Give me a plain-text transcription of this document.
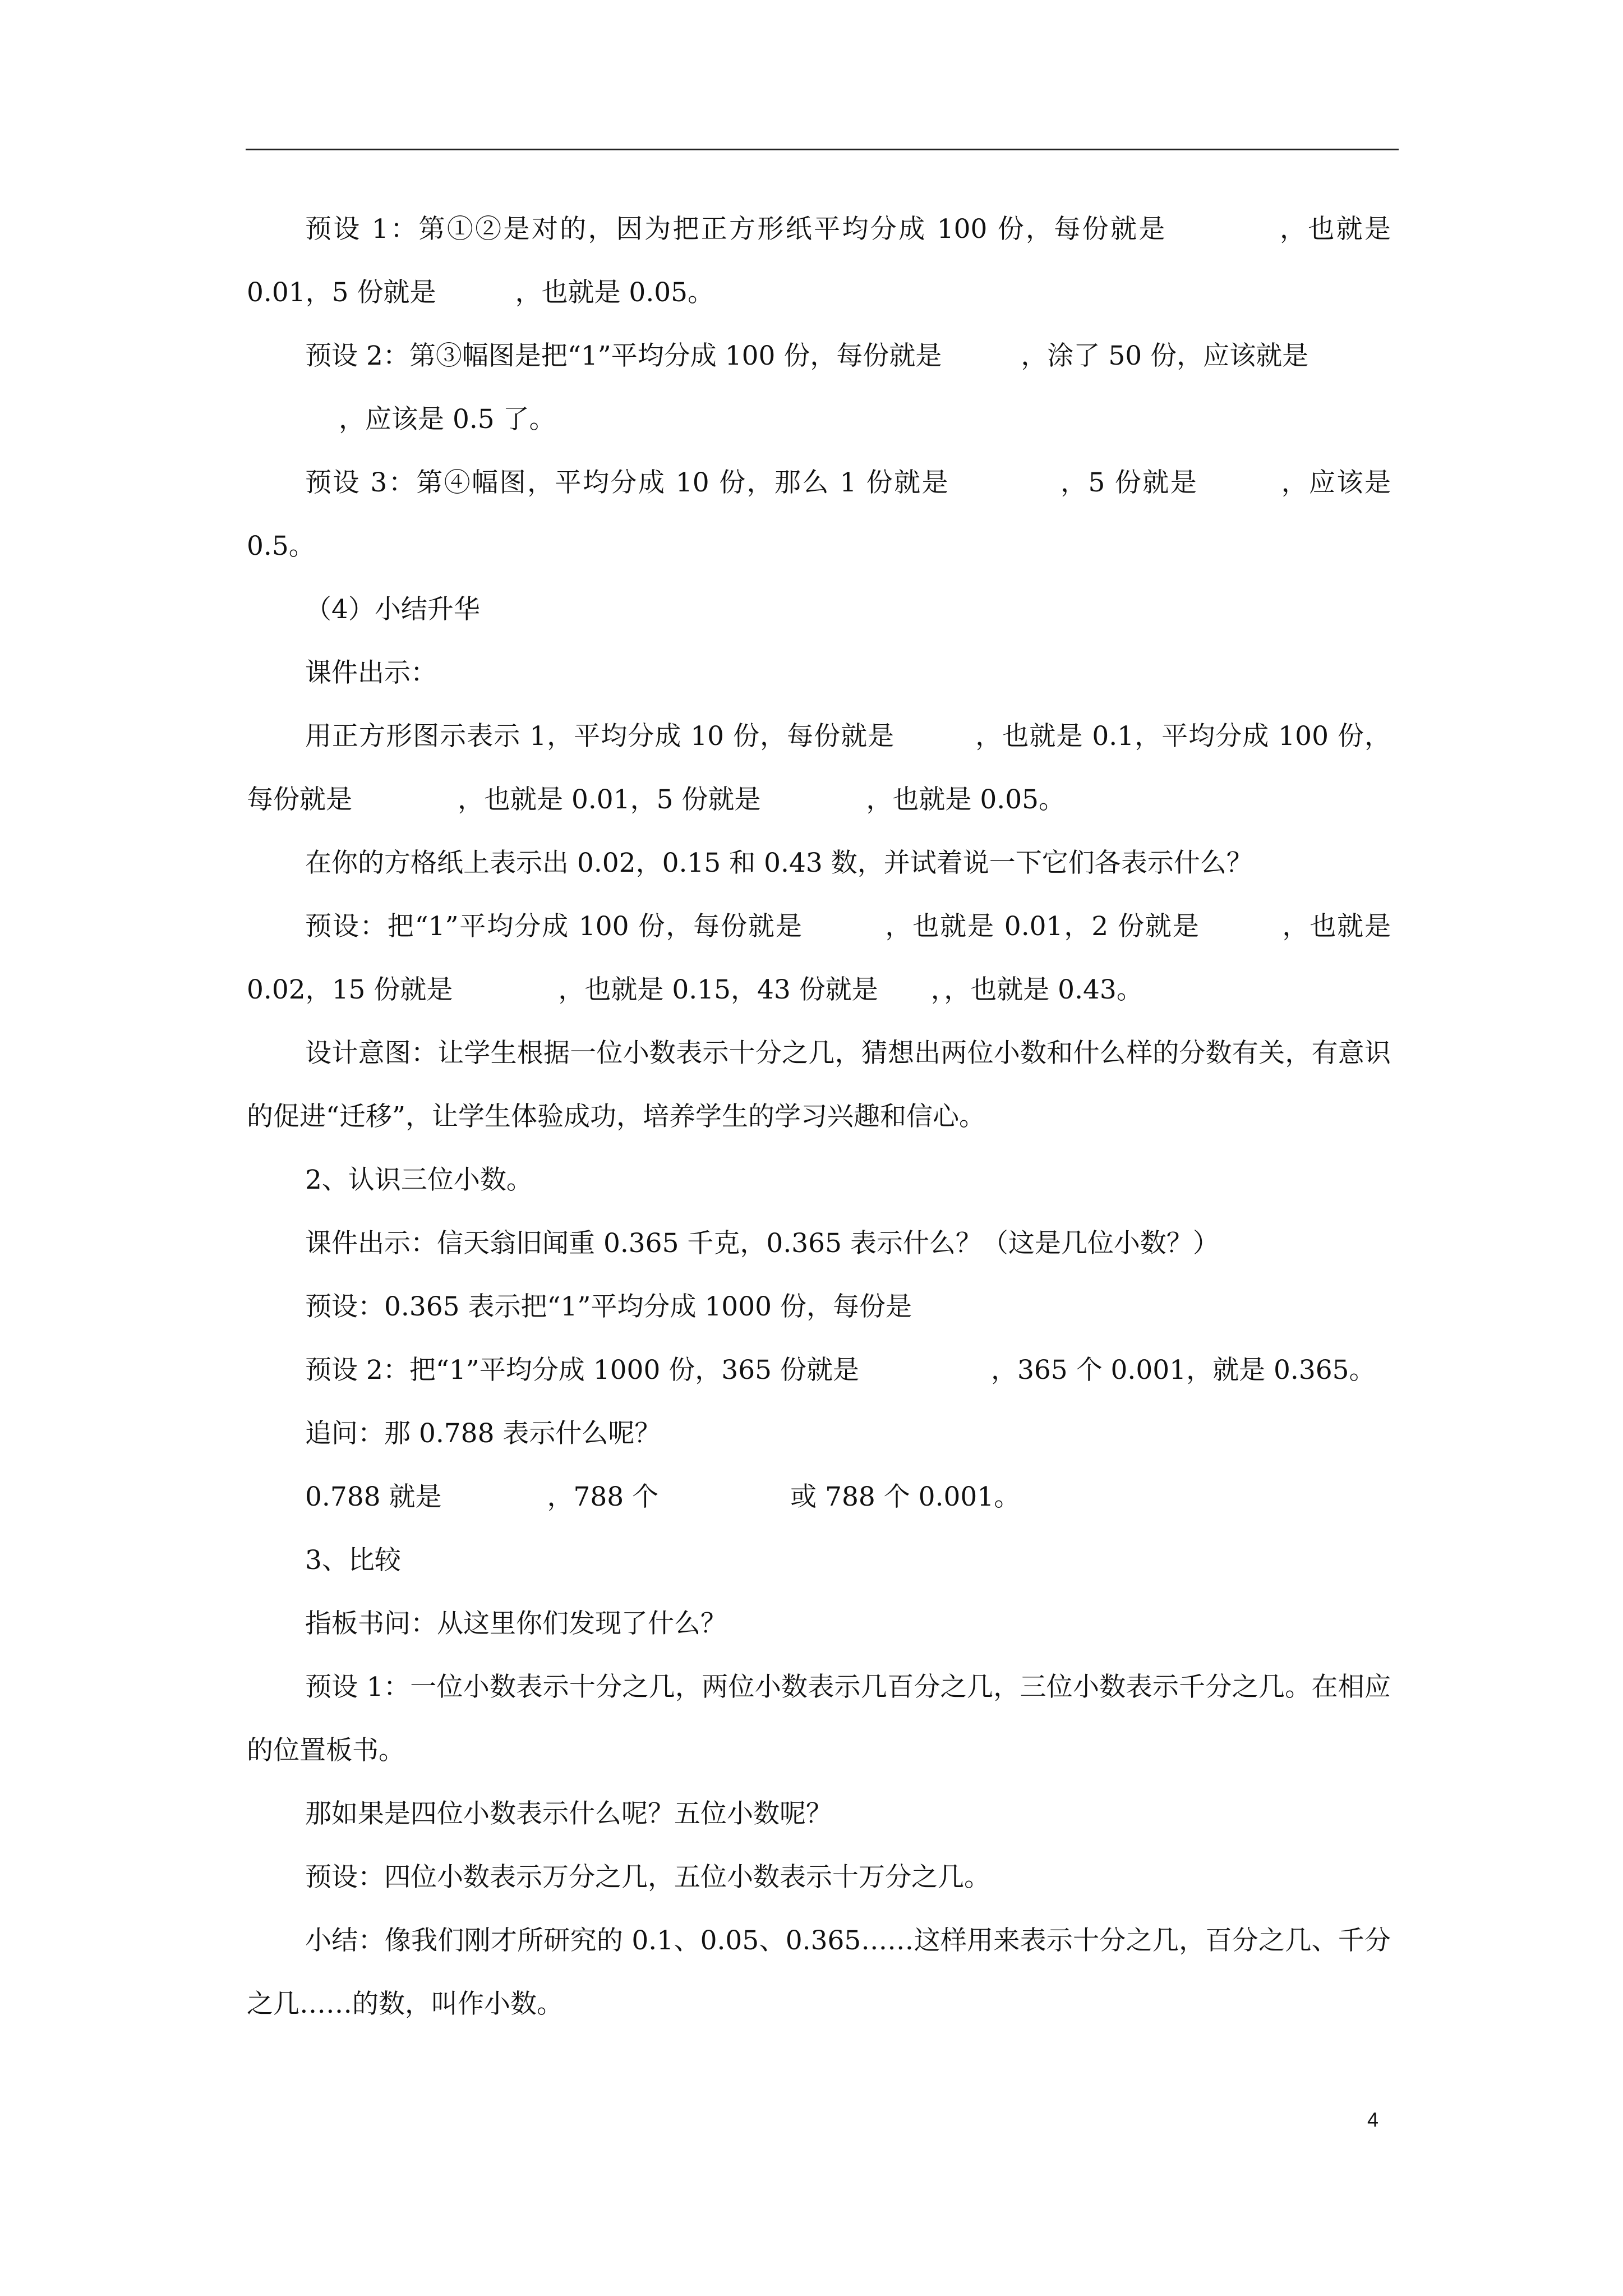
预设 1：第①②是对的，因为把正方形纸平均分成 100 份，每份就是　　　　，也就是 0.01，5 份就是　　　，也就是 0.05。

预设 2：第③幅图是把“1”平均分成 100 份，每份就是　　　，涂了 50 份，应该就是

，应该是 0.5 了。

预设 3：第④幅图，平均分成 10 份，那么 1 份就是　　　　，5 份就是　　　，应该是 0.5。

（4）小结升华

课件出示：

用正方形图示表示 1，平均分成 10 份，每份就是　　　，也就是 0.1，平均分成 100 份，每份就是　　　　，也就是 0.01，5 份就是　　　　，也就是 0.05。

在你的方格纸上表示出 0.02，0.15 和 0.43 数，并试着说一下它们各表示什么？

预设：把“1”平均分成 100 份，每份就是　　　，也就是 0.01，2 份就是　　　，也就是 0.02，15 份就是　　　　，也就是 0.15，43 份就是　　，，也就是 0.43。

设计意图：让学生根据一位小数表示十分之几，猜想出两位小数和什么样的分数有关，有意识的促进“迁移”，让学生体验成功，培养学生的学习兴趣和信心。

2、认识三位小数。

课件出示：信天翁旧闻重 0.365 千克，0.365 表示什么？（这是几位小数？）

预设：0.365 表示把“1”平均分成 1000 份，每份是

预设 2：把“1”平均分成 1000 份，365 份就是　　　　　，365 个 0.001，就是 0.365。

追问：那 0.788 表示什么呢？

0.788 就是　　　　，788 个　　　　　或 788 个 0.001。

3、比较

指板书问：从这里你们发现了什么？

预设 1：一位小数表示十分之几，两位小数表示几百分之几，三位小数表示千分之几。在相应的位置板书。

那如果是四位小数表示什么呢？五位小数呢？

预设：四位小数表示万分之几，五位小数表示十万分之几。

小结：像我们刚才所研究的 0.1、0.05、0.365……这样用来表示十分之几，百分之几、千分之几……的数，叫作小数。

4
